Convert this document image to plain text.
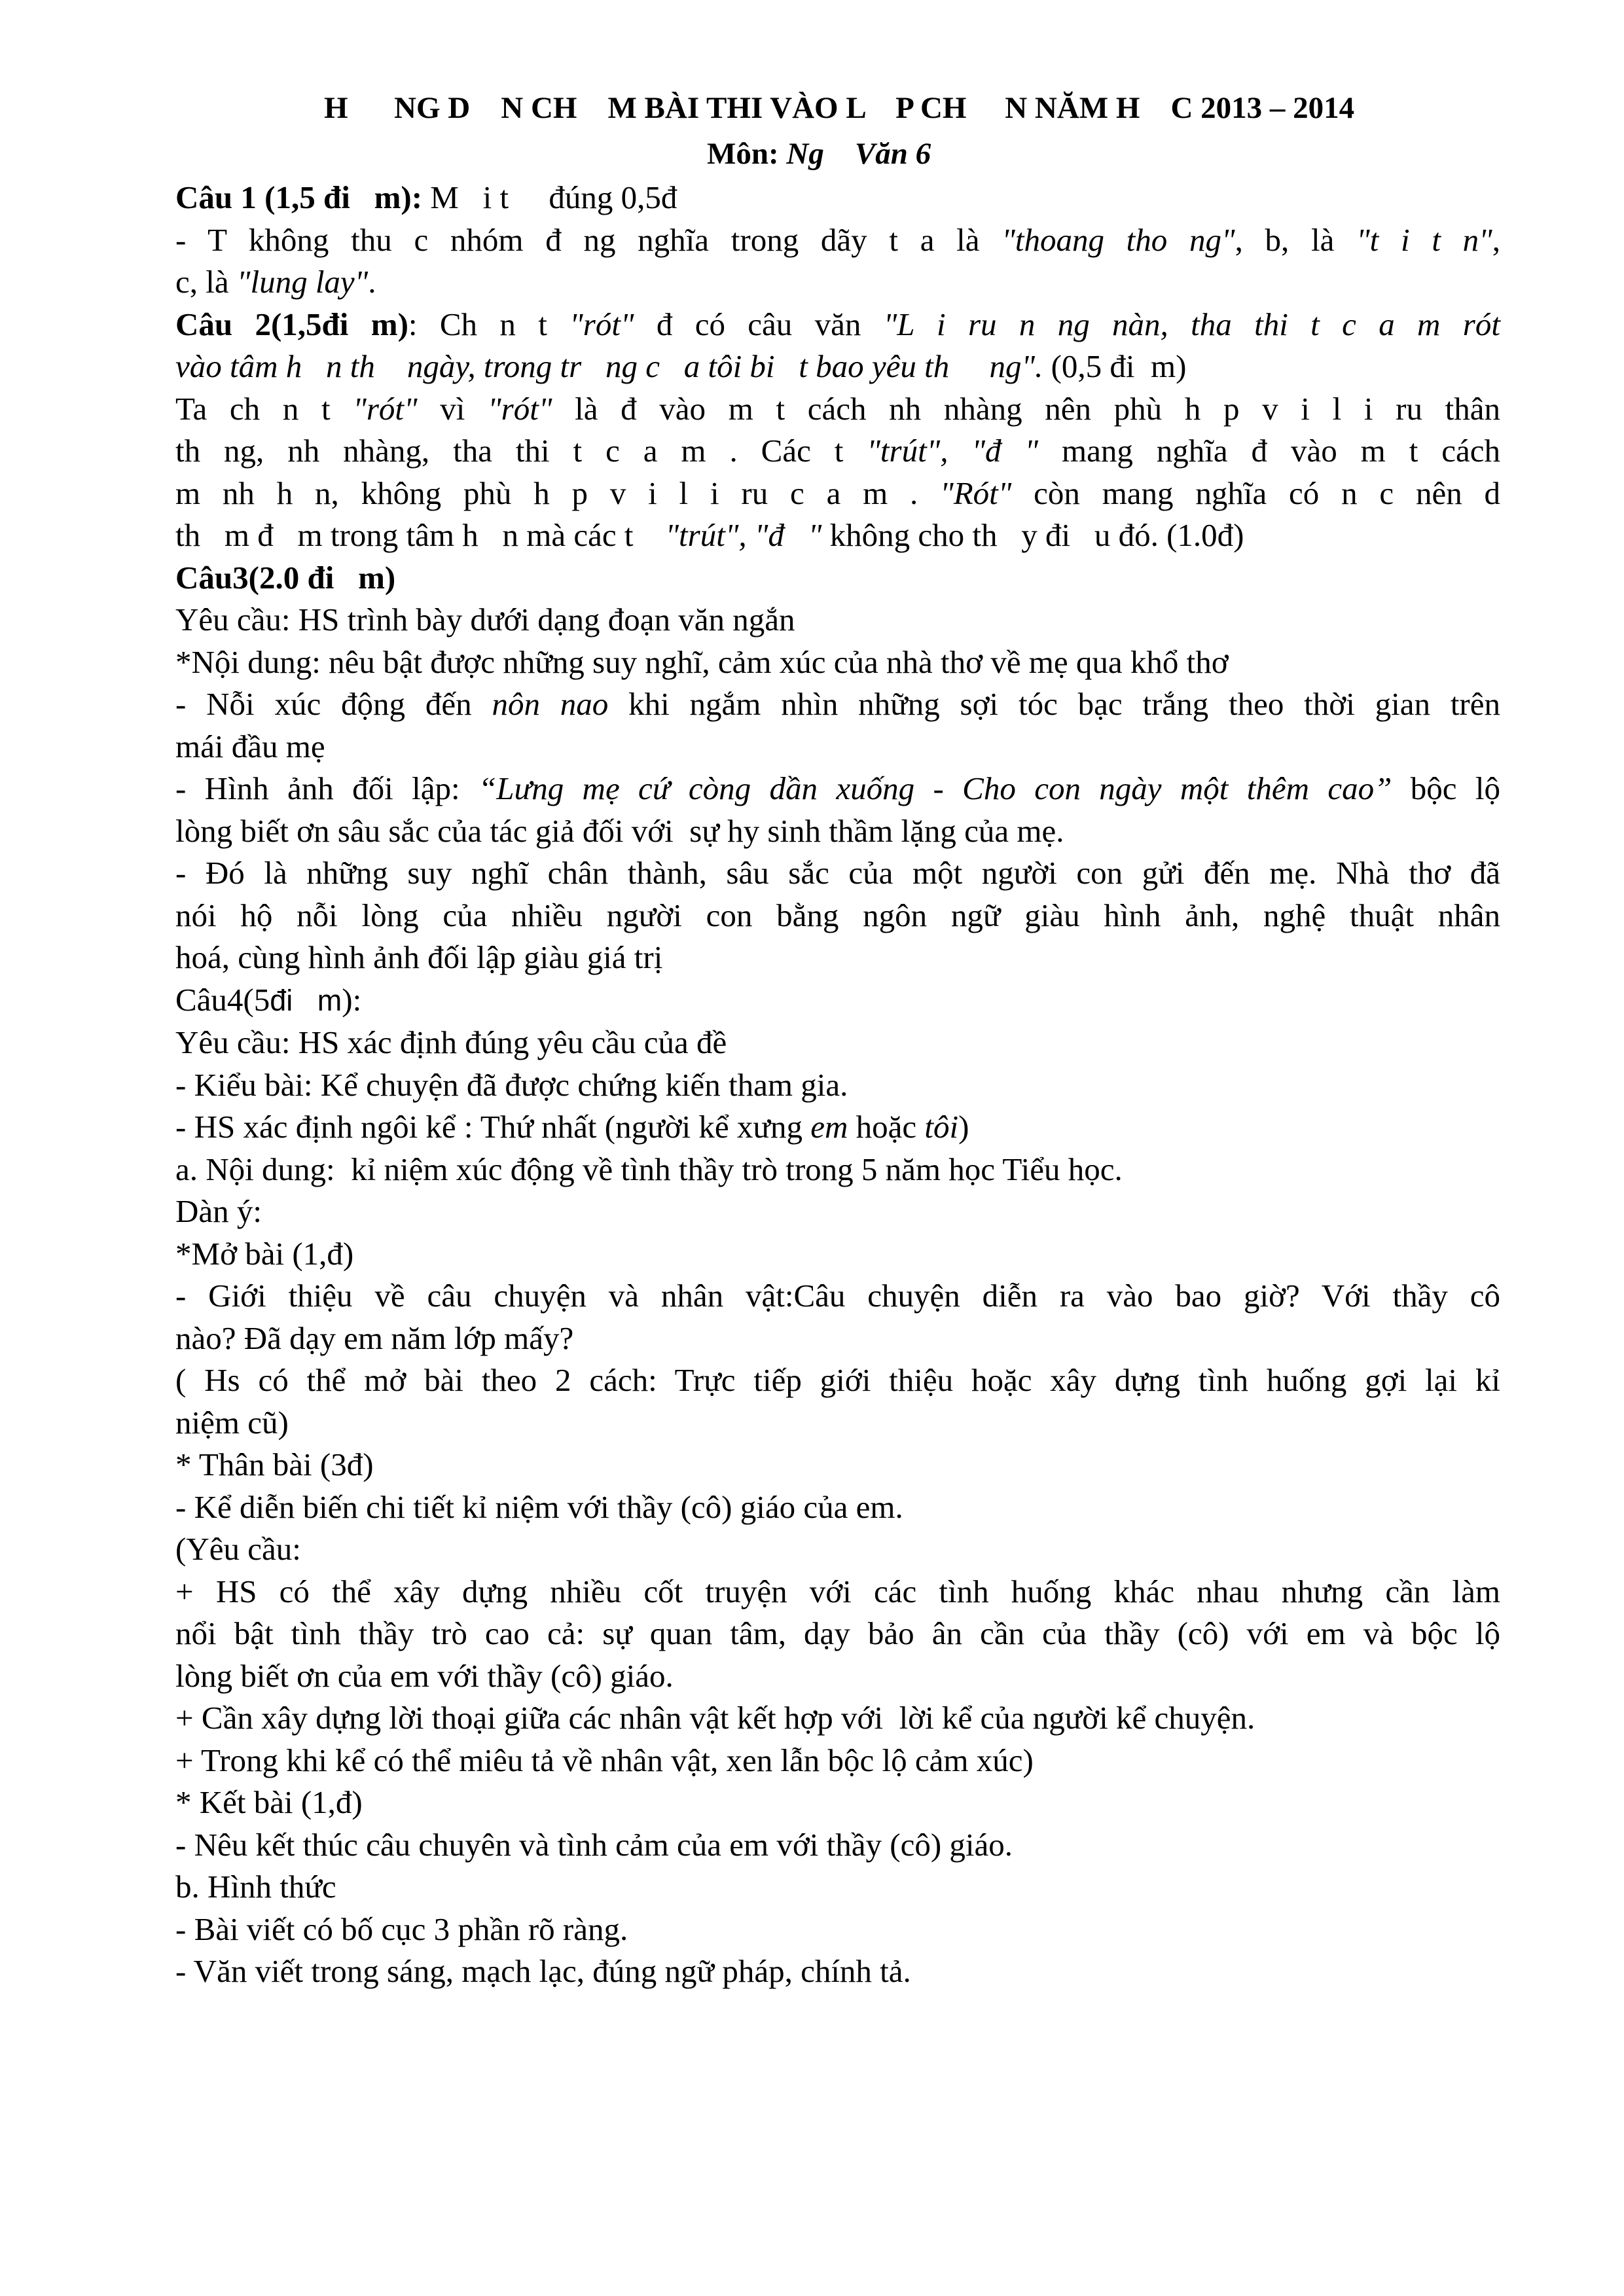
H      NG D    N CH    M BÀI THI VÀO L    P CH     N NĂM H    C 2013 – 2014
Môn: Ng    Văn 6

Câu 1 (1,5 đi   m): M   i t     đúng 0,5đ

- T không thu c nhóm đ ng nghĩa trong dãy t a là "thoang tho ng", b, là "t i t n",

c, là "lung lay".

Câu 2(1,5đi m): Ch n t "rót" đ có câu văn "L i ru n ng nàn, tha thi t c a m rót

vào tâm h   n th    ngày, trong tr   ng c   a tôi bi   t bao yêu th     ng". (0,5 đi  m)

Ta ch n t "rót" vì "rót" là đ vào m t cách nh nhàng nên phù h p v i l i ru thân

th ng, nh nhàng, tha thi t c a m . Các t "trút", "đ " mang nghĩa đ vào m t cách

m nh h n, không phù h p v i l i ru c a m . "Rót" còn mang nghĩa có n c nên d

th   m đ   m trong tâm h   n mà các t    "trút", "đ   " không cho th   y đi   u đó. (1.0đ)

Câu3(2.0 đi   m)

Yêu cầu: HS trình bày dưới dạng đoạn văn ngắn

*Nội dung: nêu bật được những suy nghĩ, cảm xúc của nhà thơ về mẹ qua khổ thơ

- Nỗi xúc động đến nôn nao khi ngắm nhìn những sợi tóc bạc trắng theo thời gian trên

mái đầu mẹ

- Hình ảnh đối lập: “Lưng mẹ cứ còng dần xuống - Cho con ngày một thêm cao” bộc lộ

lòng biết ơn sâu sắc của tác giả đối với  sự hy sinh thầm lặng của mẹ.

- Đó là những suy nghĩ chân thành, sâu sắc của một người con gửi đến mẹ. Nhà thơ đã

nói hộ nỗi lòng của nhiều người con bằng ngôn ngữ giàu hình ảnh, nghệ thuật nhân

hoá, cùng hình ảnh đối lập giàu giá trị

Câu4(5đi   m):

Yêu cầu: HS xác định đúng yêu cầu của đề

- Kiểu bài: Kể chuyện đã được chứng kiến tham gia.

- HS xác định ngôi kể : Thứ nhất (người kể xưng em hoặc tôi)

a. Nội dung:  kỉ niệm xúc động về tình thầy trò trong 5 năm học Tiểu học.

Dàn ý:

*Mở bài (1,đ)

- Giới thiệu về câu chuyện và nhân vật:Câu chuyện diễn ra vào bao giờ? Với thầy cô

nào? Đã dạy em năm lớp mấy?

( Hs có thể mở bài theo 2 cách: Trực tiếp giới thiệu hoặc xây dựng tình huống gợi lại kỉ

niệm cũ)

* Thân bài (3đ)

- Kể diễn biến chi tiết kỉ niệm với thầy (cô) giáo của em.

(Yêu cầu:

+ HS có thể xây dựng nhiều cốt truyện với các tình huống khác nhau nhưng cần làm

nổi bật tình thầy trò cao cả: sự quan tâm, dạy bảo ân cần của thầy (cô) với em và bộc lộ

lòng biết ơn của em với thầy (cô) giáo.

+ Cần xây dựng lời thoại giữa các nhân vật kết hợp với  lời kể của người kể chuyện.

+ Trong khi kể có thể miêu tả về nhân vật, xen lẫn bộc lộ cảm xúc)

* Kết bài (1,đ)

- Nêu kết thúc câu chuyên và tình cảm của em với thầy (cô) giáo.

b. Hình thức

- Bài viết có bố cục 3 phần rõ ràng.

- Văn viết trong sáng, mạch lạc, đúng ngữ pháp, chính tả.
